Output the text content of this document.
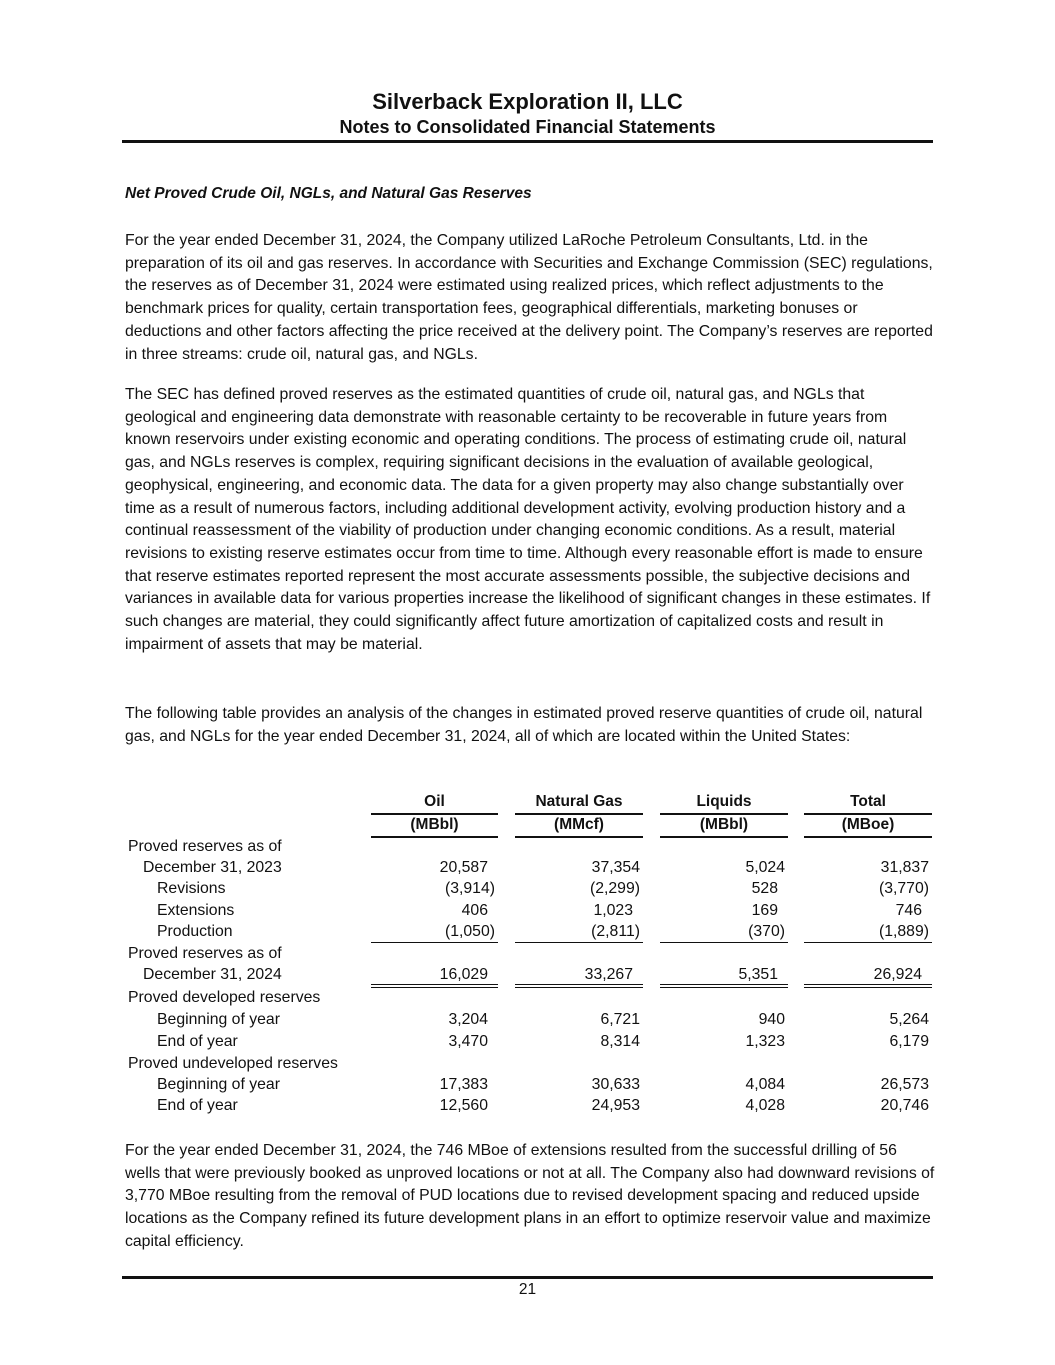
Silverback Exploration II, LLC

Notes to Consolidated Financial Statements

Net Proved Crude Oil, NGLs, and Natural Gas Reserves

For the year ended December 31, 2024, the Company utilized LaRoche Petroleum Consultants, Ltd. in the preparation of its oil and gas reserves. In accordance with Securities and Exchange Commission (SEC) regulations, the reserves as of December 31, 2024 were estimated using realized prices, which reflect adjustments to the benchmark prices for quality, certain transportation fees, geographical differentials, marketing bonuses or deductions and other factors affecting the price received at the delivery point. The Company’s reserves are reported in three streams: crude oil, natural gas, and NGLs.

The SEC has defined proved reserves as the estimated quantities of crude oil, natural gas, and NGLs that geological and engineering data demonstrate with reasonable certainty to be recoverable in future years from known reservoirs under existing economic and operating conditions. The process of estimating crude oil, natural gas, and NGLs reserves is complex, requiring significant decisions in the evaluation of available geological, geophysical, engineering, and economic data. The data for a given property may also change substantially over time as a result of numerous factors, including additional development activity, evolving production history and a continual reassessment of the viability of production under changing economic conditions. As a result, material revisions to existing reserve estimates occur from time to time. Although every reasonable effort is made to ensure that reserve estimates reported represent the most accurate assessments possible, the subjective decisions and variances in available data for various properties increase the likelihood of significant changes in these estimates. If such changes are material, they could significantly affect future amortization of capitalized costs and result in impairment of assets that may be material.

The following table provides an analysis of the changes in estimated proved reserve quantities of crude oil, natural gas, and NGLs for the year ended December 31, 2024, all of which are located within the United States:

Oil	Natural Gas	Liquids	Total
(MBbl)	(MMcf)	(MBbl)	(MBoe)
Proved reserves as of
December 31, 2023	20,587	37,354	5,024	31,837
Revisions	(3,914)	(2,299)	528	(3,770)
Extensions	406	1,023	169	746
Production	(1,050)	(2,811)	(370)	(1,889)
Proved reserves as of
December 31, 2024	16,029	33,267	5,351	26,924
Proved developed reserves
Beginning of year	3,204	6,721	940	5,264
End of year	3,470	8,314	1,323	6,179
Proved undeveloped reserves
Beginning of year	17,383	30,633	4,084	26,573
End of year	12,560	24,953	4,028	20,746

For the year ended December 31, 2024, the 746 MBoe of extensions resulted from the successful drilling of 56 wells that were previously booked as unproved locations or not at all. The Company also had downward revisions of 3,770 MBoe resulting from the removal of PUD locations due to revised development spacing and reduced upside locations as the Company refined its future development plans in an effort to optimize reservoir value and maximize capital efficiency.

21
